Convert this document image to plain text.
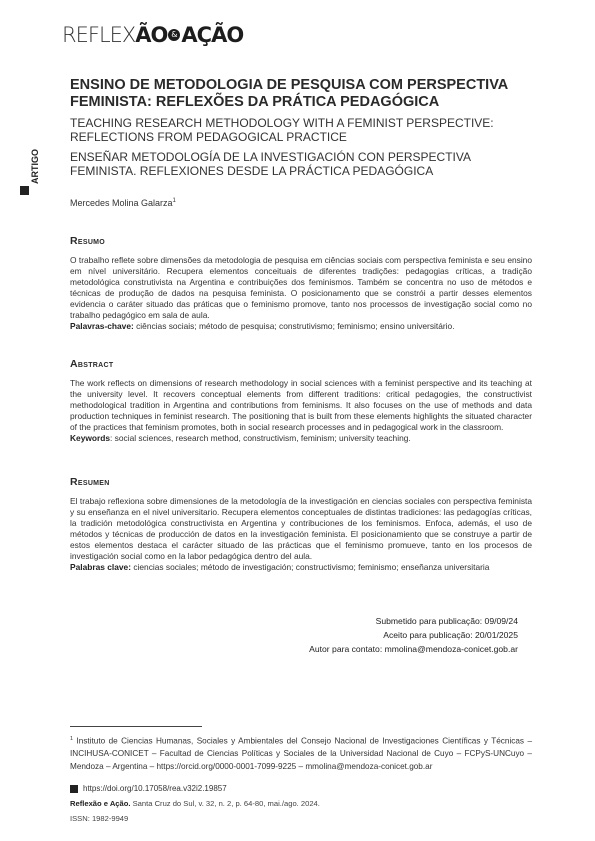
REFLEX ÃO & AÇÃO
ARTIGO
ENSINO DE METODOLOGIA DE PESQUISA COM PERSPECTIVA FEMINISTA: REFLEXÕES DA PRÁTICA PEDAGÓGICA
TEACHING RESEARCH METHODOLOGY WITH A FEMINIST PERSPECTIVE: REFLECTIONS FROM PEDAGOGICAL PRACTICE
ENSEÑAR METODOLOGÍA DE LA INVESTIGACIÓN CON PERSPECTIVA FEMINISTA. REFLEXIONES DESDE LA PRÁCTICA PEDAGÓGICA
Mercedes Molina Galarza$^1$
Resumo

O trabalho reflete sobre dimensões da metodologia de pesquisa em ciências sociais com perspectiva feminista e seu ensino em nível universitário. Recupera elementos conceituais de diferentes tradições: pedagogias críticas, a tradição metodológica construtivista na Argentina e contribuições dos feminismos. Também se concentra no uso de métodos e técnicas de produção de dados na pesquisa feminista. O posicionamento que se constrói a partir desses elementos evidencia o caráter situado das práticas que o feminismo promove, tanto nos processos de investigação social como no trabalho pedagógico em sala de aula.

Palavras-chave: ciências sociais; método de pesquisa; construtivismo; feminismo; ensino universitário.

Abstract

The work reflects on dimensions of research methodology in social sciences with a feminist perspective and its teaching at the university level. It recovers conceptual elements from different traditions: critical pedagogies, the constructivist methodological tradition in Argentina and contributions from feminisms. It also focuses on the use of methods and data production techniques in feminist research. The positioning that is built from these elements highlights the situated character of the practices that feminism promotes, both in social research processes and in pedagogical work in the classroom.

Keywords: social sciences, research method, constructivism, feminism; university teaching.

Resumen

El trabajo reflexiona sobre dimensiones de la metodología de la investigación en ciencias sociales con perspectiva feminista y su enseñanza en el nivel universitario. Recupera elementos conceptuales de distintas tradiciones: las pedagogías críticas, la tradición metodológica constructivista en Argentina y contribuciones de los feminismos. Enfoca, además, el uso de métodos y técnicas de producción de datos en la investigación feminista. El posicionamiento que se construye a partir de estos elementos destaca el carácter situado de las prácticas que el feminismo promueve, tanto en los procesos de investigación social como en la labor pedagógica dentro del aula.

Palabras clave: ciencias sociales; método de investigación; constructivismo; feminismo; enseñanza universitaria

Submetido para publicação: 09/09/24
Aceito para publicação: 20/01/2025
Autor para contato: mmolina@mendoza-conicet.gob.ar
$^1$ Instituto de Ciencias Humanas, Sociales y Ambientales del Consejo Nacional de Investigaciones Científicas y Técnicas – INCIHUSA-CONICET – Facultad de Ciencias Políticas y Sociales de la Universidad Nacional de Cuyo – FCPyS-UNCuyo – Mendoza – Argentina – https://orcid.org/0000-0001-7099-9225 – mmolina@mendoza-conicet.gob.ar
https://doi.org/10.17058/rea.v32i2.19857
Reflexão e Ação. Santa Cruz do Sul, v. 32, n. 2, p. 64-80, mai./ago. 2024.
ISSN: 1982-9949
